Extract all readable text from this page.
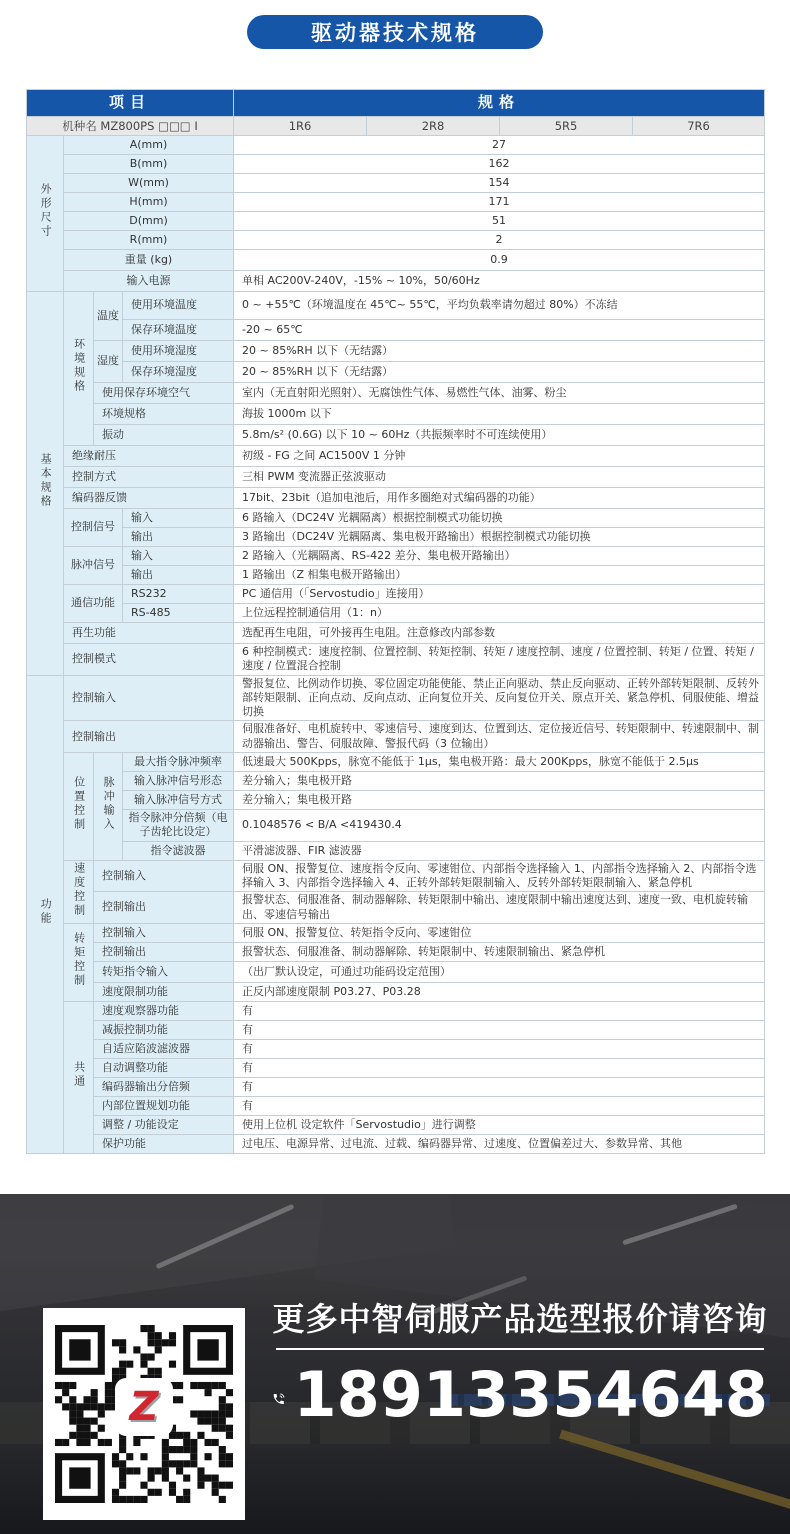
驱动器技术规格
项目				规格			
机种名 MZ800PS □□□ I				1R6	2R8	5R5	7R6
外形尺寸	A(mm)			27			
	B(mm)			162			
	W(mm)			154			
	H(mm)			171			
	D(mm)			51			
	R(mm)			2			
	重量 (kg)			0.9			
	输入电源			单相 AC200V-240V，-15% ~ 10%，50/60Hz			
基本规格	环境规格	温度	使用环境温度	0 ~ +55℃（环境温度在 45℃~ 55℃，平均负载率请勿超过 80%）不冻结			
			保存环境温度	-20 ~ 65℃			
		湿度	使用环境湿度	20 ~ 85%RH 以下（无结露）			
			保存环境湿度	20 ~ 85%RH 以下（无结露）			
		使用保存环境空气		室内（无直射阳光照射）、无腐蚀性气体、易燃性气体、油雾、粉尘			
		环境规格		海拔 1000m 以下			
		振动		5.8m/s² (0.6G) 以下 10 ~ 60Hz（共振频率时不可连续使用）			
	绝缘耐压			初级 - FG 之间 AC1500V 1 分钟			
	控制方式			三相 PWM 变流器正弦波驱动			
	编码器反馈			17bit、23bit（追加电池后，用作多圈绝对式编码器的功能）			
	控制信号		输入	6 路输入（DC24V 光耦隔离）根据控制模式功能切换			
			输出	3 路输出（DC24V 光耦隔离、集电极开路输出）根据控制模式功能切换			
	脉冲信号		输入	2 路输入（光耦隔离、RS-422 差分、集电极开路输出）			
			输出	1 路输出（Z 相集电极开路输出）			
	通信功能		RS232	PC 通信用（「Servostudio」连接用）			
			RS-485	上位远程控制通信用（1：n）			
	再生功能			选配再生电阻，可外接再生电阻。注意修改内部参数			
	控制模式			6 种控制模式：速度控制、位置控制、转矩控制、转矩 / 速度控制、速度 / 位置控制、转矩 / 位置、转矩 / 速度 / 位置混合控制			
功能	控制输入			警报复位、比例动作切换、零位固定功能使能、禁止正向驱动、禁止反向驱动、正转外部转矩限制、反转外部转矩限制、正向点动、反向点动、正向复位开关、反向复位开关、原点开关、紧急停机、伺服使能、增益切换			
	控制输出			伺服准备好、电机旋转中、零速信号、速度到达、位置到达、定位接近信号、转矩限制中、转速限制中、制动器输出、警告、伺服故障、警报代码（3 位输出）			
	位置控制	脉冲输入	最大指令脉冲频率	低速最大 500Kpps，脉宽不能低于 1μs，集电极开路：最大 200Kpps，脉宽不能低于 2.5μs			
			输入脉冲信号形态	差分输入；集电极开路			
			输入脉冲信号方式	差分输入；集电极开路			
			指令脉冲分倍频（电子齿轮比设定）	0.1048576 < B/A <419430.4			
			指令滤波器	平滑滤波器、FIR 滤波器			
	速度控制	控制输入		伺服 ON、报警复位、速度指令反向、零速钳位、内部指令选择输入 1、内部指令选择输入 2、内部指令选择输入 3、内部指令选择输入 4、正转外部转矩限制输入、反转外部转矩限制输入、紧急停机			
		控制输出		报警状态、伺服准备、制动器解除、转矩限制中输出、速度限制中输出速度达到、速度一致、电机旋转输出、零速信号输出			
	转矩控制	控制输入		伺服 ON、报警复位、转矩指令反向、零速钳位			
		控制输出		报警状态、伺服准备、制动器解除、转矩限制中、转速限制输出、紧急停机			
		转矩指令输入		（出厂默认设定，可通过功能码设定范围）			
		速度限制功能		正反内部速度限制 P03.27、P03.28			
	共通	速度观察器功能		有			
		减振控制功能		有			
		自适应陷波滤波器		有			
		自动调整功能		有			
		编码器输出分倍频		有			
		内部位置规划功能		有			
		调整 / 功能设定		使用上位机 设定软件「Servostudio」进行调整			
		保护功能		过电压、电源异常、过电流、过载、编码器异常、过速度、位置偏差过大、参数异常、其他			
Z
更多中智伺服产品选型报价请咨询
18913354648
